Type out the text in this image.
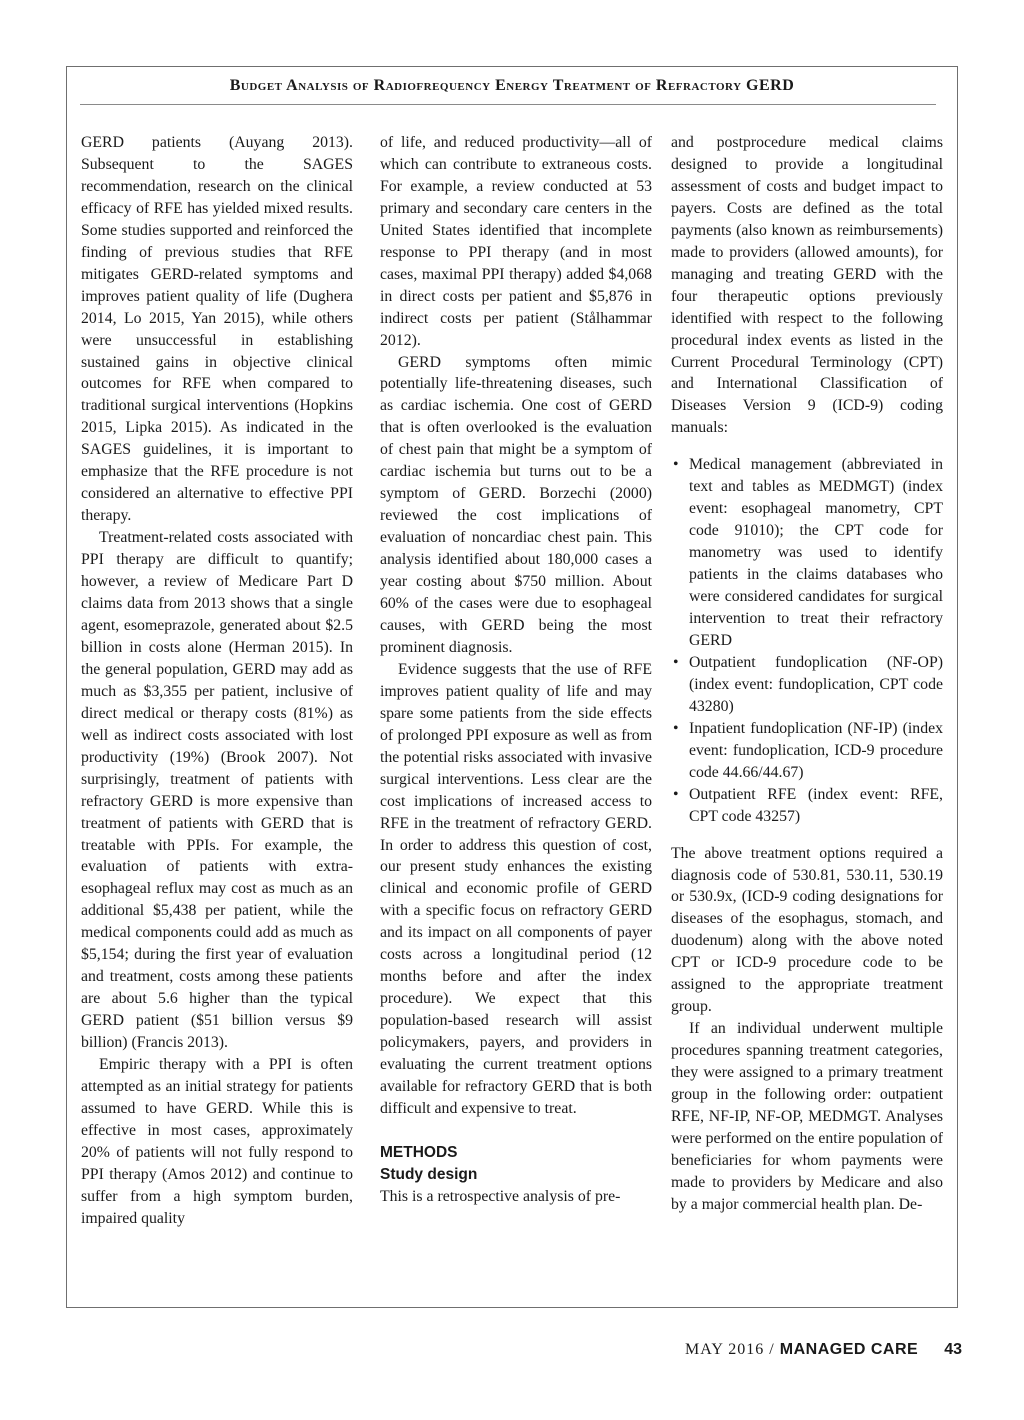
Budget Analysis of Radiofrequency Energy Treatment of Refractory GERD

GERD patients (Auyang 2013). Subsequent to the SAGES recommendation, research on the clinical efficacy of RFE has yielded mixed results. Some studies supported and reinforced the finding of previous studies that RFE mitigates GERD-related symptoms and improves patient quality of life (Dughera 2014, Lo 2015, Yan 2015), while others were unsuccessful in establishing sustained gains in objective clinical outcomes for RFE when compared to traditional surgical interventions (Hopkins 2015, Lipka 2015). As indicated in the SAGES guidelines, it is important to emphasize that the RFE procedure is not considered an alternative to effective PPI therapy.

Treatment-related costs associated with PPI therapy are difficult to quantify; however, a review of Medicare Part D claims data from 2013 shows that a single agent, esomeprazole, generated about $2.5 billion in costs alone (Herman 2015). In the general population, GERD may add as much as $3,355 per patient, inclusive of direct medical or therapy costs (81%) as well as indirect costs associated with lost productivity (19%) (Brook 2007). Not surprisingly, treatment of patients with refractory GERD is more expensive than treatment of patients with GERD that is treatable with PPIs. For example, the evaluation of patients with extra-esophageal reflux may cost as much as an additional $5,438 per patient, while the medical components could add as much as $5,154; during the first year of evaluation and treatment, costs among these patients are about 5.6 higher than the typical GERD patient ($51 billion versus $9 billion) (Francis 2013).

Empiric therapy with a PPI is often attempted as an initial strategy for patients assumed to have GERD. While this is effective in most cases, approximately 20% of patients will not fully respond to PPI therapy (Amos 2012) and continue to suffer from a high symptom burden, impaired quality

of life, and reduced productivity—all of which can contribute to extraneous costs. For example, a review conducted at 53 primary and secondary care centers in the United States identified that incomplete response to PPI therapy (and in most cases, maximal PPI therapy) added $4,068 in direct costs per patient and $5,876 in indirect costs per patient (Stålhammar 2012).

GERD symptoms often mimic potentially life-threatening diseases, such as cardiac ischemia. One cost of GERD that is often overlooked is the evaluation of chest pain that might be a symptom of cardiac ischemia but turns out to be a symptom of GERD. Borzechi (2000) reviewed the cost implications of evaluation of noncardiac chest pain. This analysis identified about 180,000 cases a year costing about $750 million. About 60% of the cases were due to esophageal causes, with GERD being the most prominent diagnosis.

Evidence suggests that the use of RFE improves patient quality of life and may spare some patients from the side effects of prolonged PPI exposure as well as from the potential risks associated with invasive surgical interventions. Less clear are the cost implications of increased access to RFE in the treatment of refractory GERD. In order to address this question of cost, our present study enhances the existing clinical and economic profile of GERD with a specific focus on refractory GERD and its impact on all components of payer costs across a longitudinal period (12 months before and after the index procedure). We expect that this population-based research will assist policymakers, payers, and providers in evaluating the current treatment options available for refractory GERD that is both difficult and expensive to treat.

METHODS
Study design

This is a retrospective analysis of pre-

and postprocedure medical claims designed to provide a longitudinal assessment of costs and budget impact to payers. Costs are defined as the total payments (also known as reimbursements) made to providers (allowed amounts), for managing and treating GERD with the four therapeutic options previously identified with respect to the following procedural index events as listed in the Current Procedural Terminology (CPT) and International Classification of Diseases Version 9 (ICD-9) coding manuals:

• Medical management (abbreviated in text and tables as MEDMGT) (index event: esophageal manometry, CPT code 91010); the CPT code for manometry was used to identify patients in the claims databases who were considered candidates for surgical intervention to treat their refractory GERD
• Outpatient fundoplication (NF-OP) (index event: fundoplication, CPT code 43280)
• Inpatient fundoplication (NF-IP) (index event: fundoplication, ICD-9 procedure code 44.66/44.67)
• Outpatient RFE (index event: RFE, CPT code 43257)

The above treatment options required a diagnosis code of 530.81, 530.11, 530.19 or 530.9x, (ICD-9 coding designations for diseases of the esophagus, stomach, and duodenum) along with the above noted CPT or ICD-9 procedure code to be assigned to the appropriate treatment group.

If an individual underwent multiple procedures spanning treatment categories, they were assigned to a primary treatment group in the following order: outpatient RFE, NF-IP, NF-OP, MEDMGT. Analyses were performed on the entire population of beneficiaries for whom payments were made to providers by Medicare and also by a major commercial health plan. De-

MAY 2016 / MANAGED CARE 43
